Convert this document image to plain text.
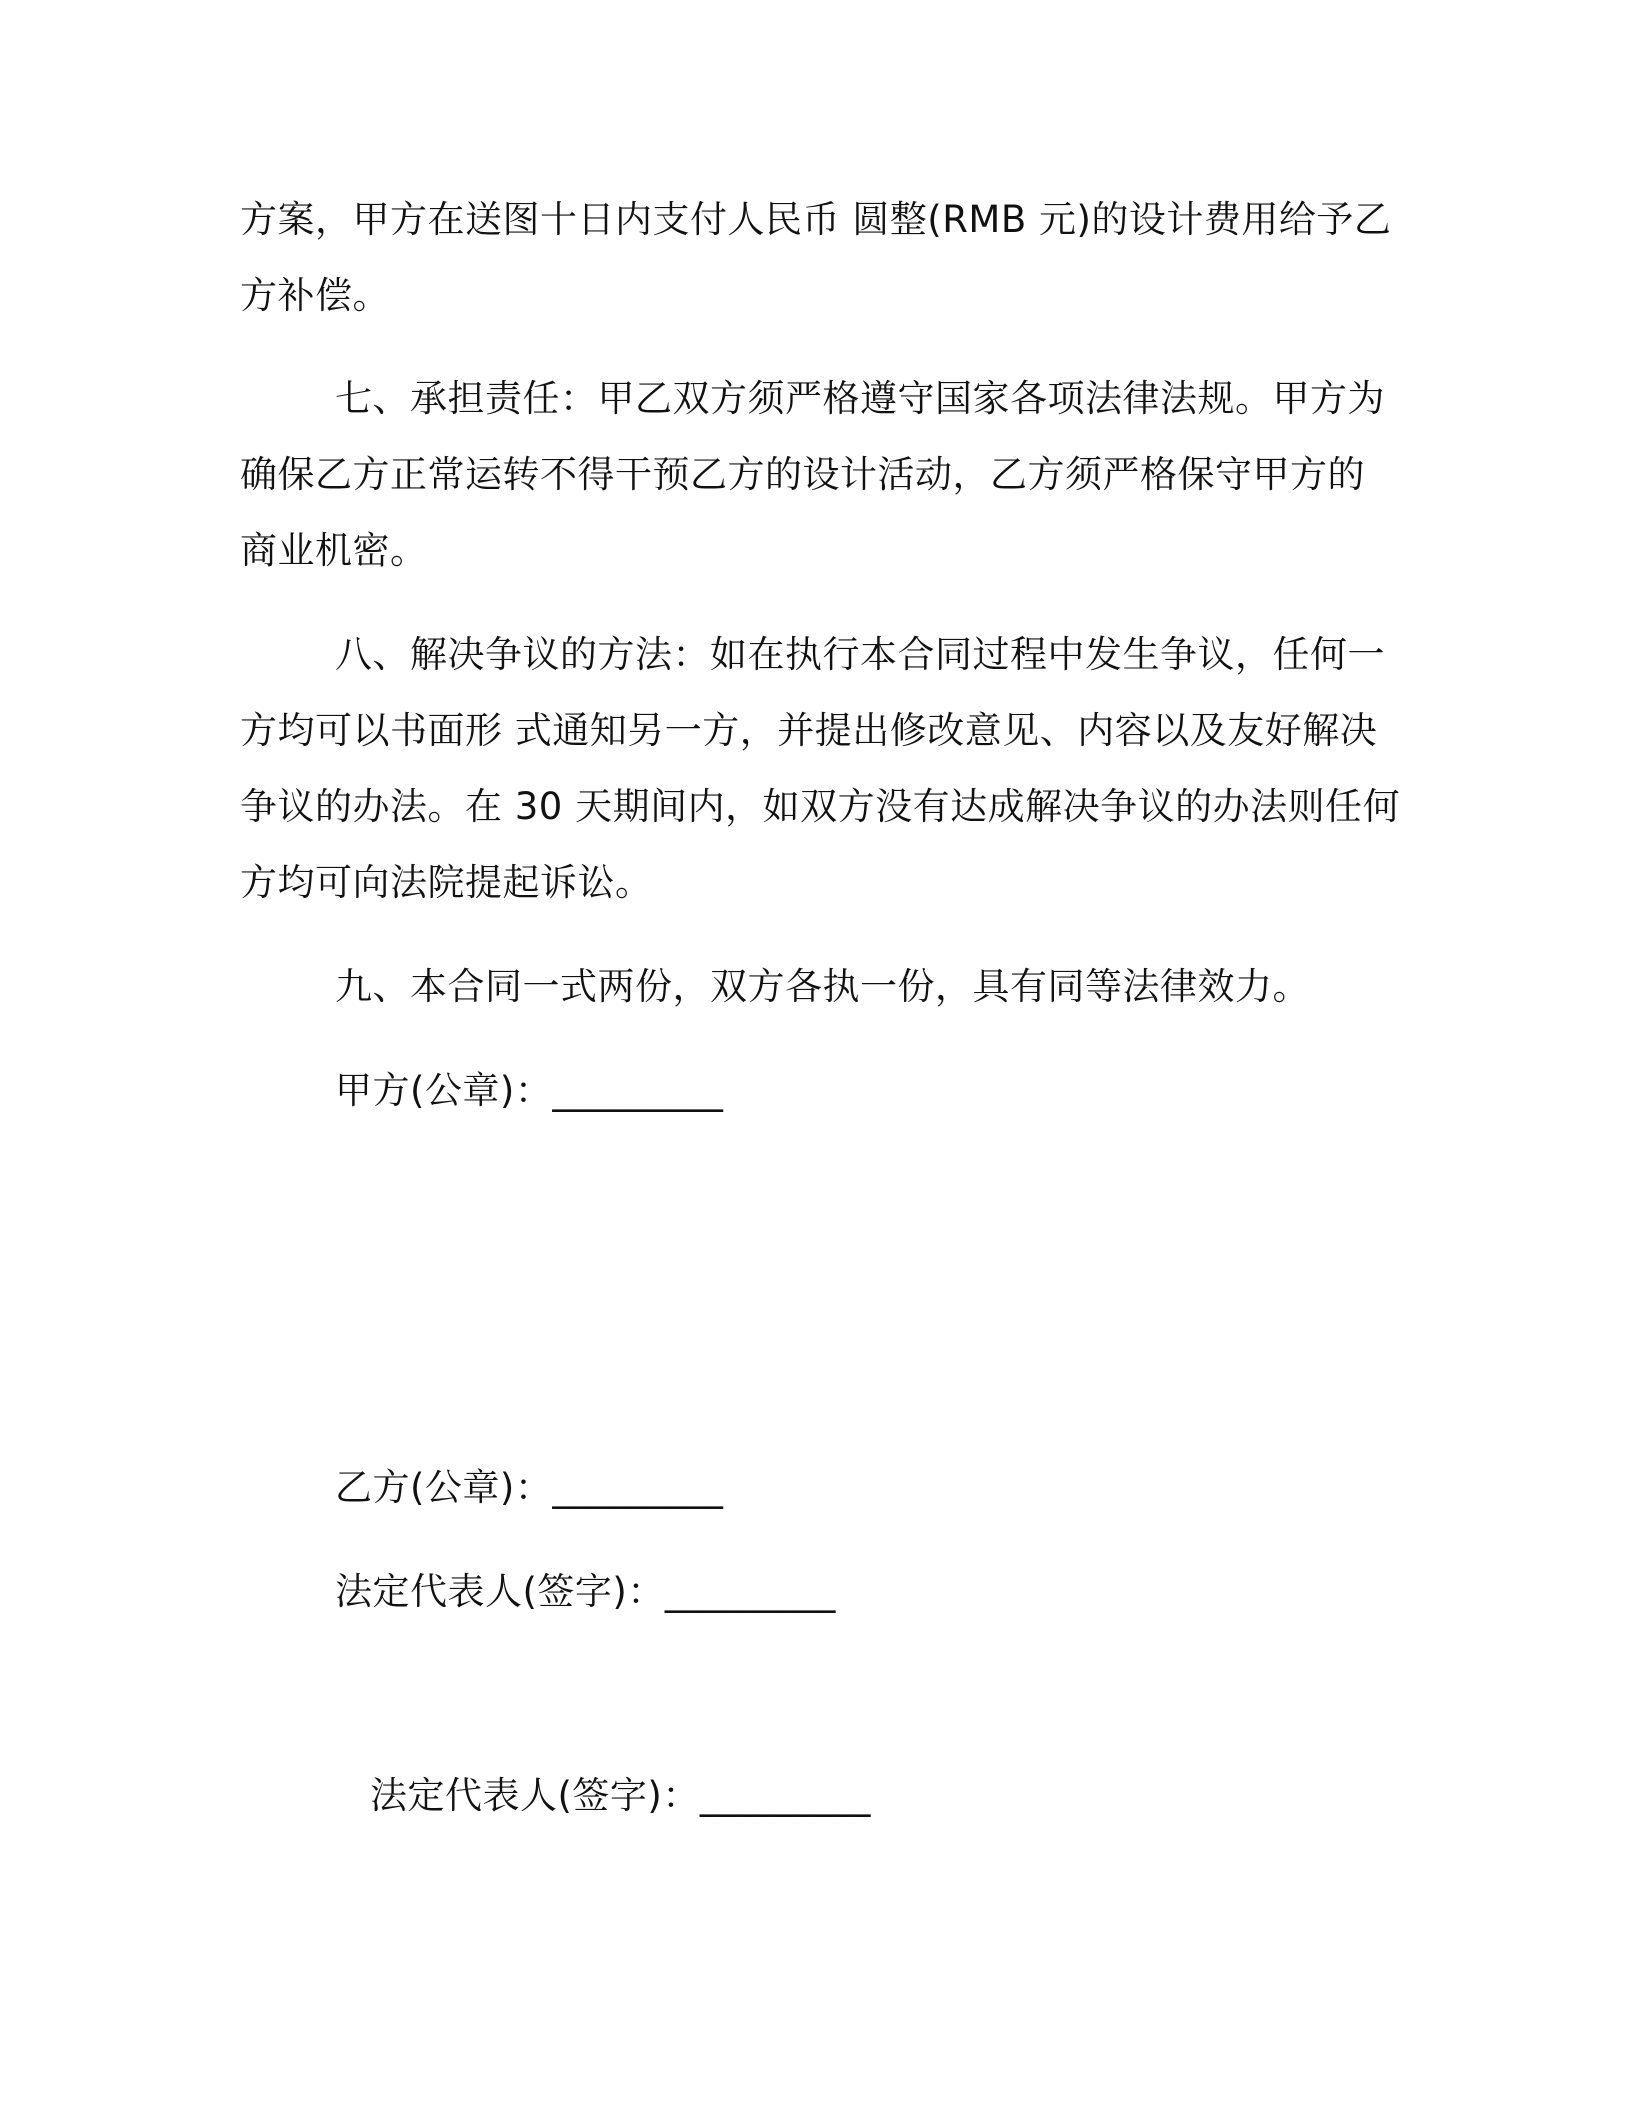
方案，甲方在送图十日内支付人民币 圆整(RMB 元)的设计费用给予乙
方补偿。
七、承担责任：甲乙双方须严格遵守国家各项法律法规。甲方为
确保乙方正常运转不得干预乙方的设计活动，乙方须严格保守甲方的
商业机密。
八、解决争议的方法：如在执行本合同过程中发生争议，任何一
方均可以书面形 式通知另一方，并提出修改意见、内容以及友好解决
争议的办法。在 30 天期间内，如双方没有达成解决争议的办法则任何
方均可向法院提起诉讼。
九、本合同一式两份，双方各执一份，具有同等法律效力。
甲方(公章)：_________
乙方(公章)：_________
法定代表人(签字)：_________
法定代表人(签字)：_________
